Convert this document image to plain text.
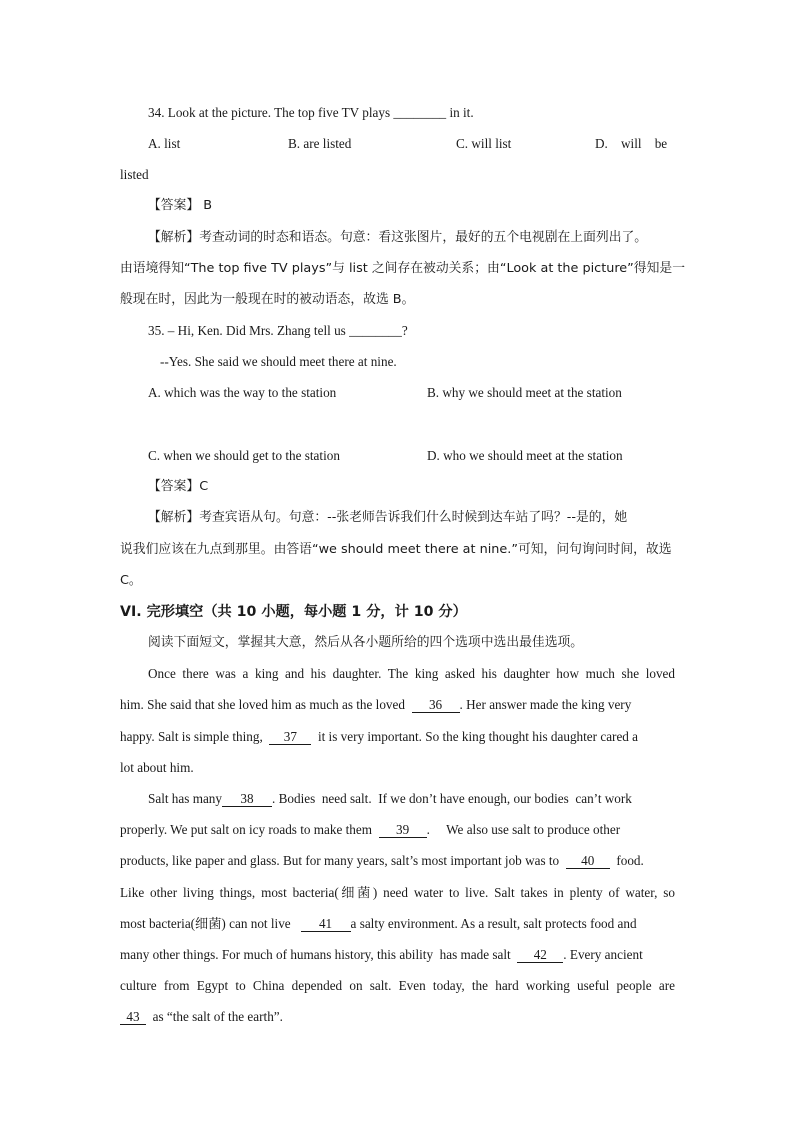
34. Look at the picture. The top five TV plays ________ in it.
A. list	B. are listed	C. will list	D.    will    be
listed
【答案】 B
【解析】考查动词的时态和语态。句意：看这张图片，最好的五个电视剧在上面列出了。
由语境得知“The top five TV plays”与 list 之间存在被动关系；由“Look at the picture”得知是一
般现在时，因此为一般现在时的被动语态，故选 B。
35. – Hi, Ken. Did Mrs. Zhang tell us ________?
--Yes. She said we should meet there at nine.
A. which was the way to the station	B. why we should meet at the station
C. when we should get to the station	D. who we should meet at the station
【答案】C
【解析】考查宾语从句。句意：--张老师告诉我们什么时候到达车站了吗？--是的，她
说我们应该在九点到那里。由答语“we should meet there at nine.”可知，问句询问时间，故选
C。
VI. 完形填空（共 10 小题，每小题 1 分，计 10 分）
阅读下面短文，掌握其大意，然后从各小题所给的四个选项中选出最佳选项。
Once there was a king and his daughter. The king asked his daughter how much she loved
him. She said that she loved him as much as the loved  36 . Her answer made the king very
happy. Salt is simple thing,  37  it is very important. So the king thought his daughter cared a
lot about him.
Salt has many 38 . Bodies  need salt.  If we don’t have enough, our bodies  can’t work
properly. We put salt on icy roads to make them  39 .     We also use salt to produce other
products, like paper and glass. But for many years, salt’s most important job was to  40  food.
Like other living things, most bacteria(细菌) need water to live. Salt takes in plenty of water, so
most bacteria(细菌) can not live   41 a salty environment. As a result, salt protects food and
many other things. For much of humans history, this ability  has made salt  42 . Every ancient
culture from Egypt to China depended on salt. Even today, the hard working useful people are
43  as “the salt of the earth”.
